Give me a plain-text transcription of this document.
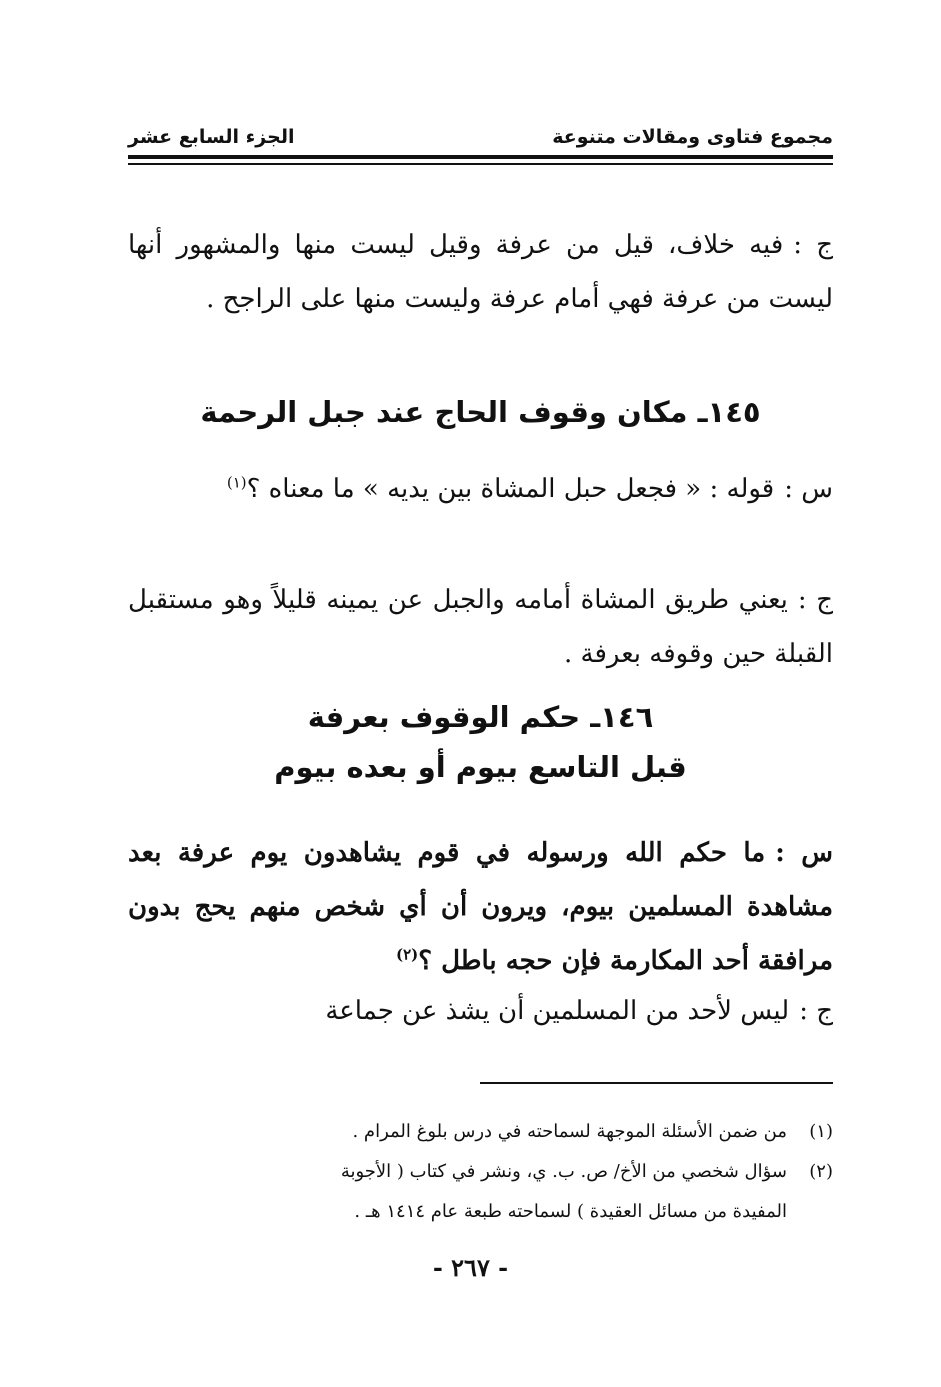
مجموع فتاوى ومقالات متنوعة
الجزء السابع عشر

ج :فيه خلاف، قيل من عرفة وقيل ليست منها والمشهور أنها ليست من عرفة فهي أمام عرفة وليست منها على الراجح .

١٤٥ـ مكان وقوف الحاج عند جبل الرحمة

س :قوله : « فجعل حبل المشاة بين يديه » ما معناه ؟$^{(١)}$

ج :يعني طريق المشاة أمامه والجبل عن يمينه قليلاً وهو مستقبل القبلة حين وقوفه بعرفة .

١٤٦ـ حكم الوقوف بعرفة
قبل التاسع بيوم أو بعده بيوم

س :ما حكم الله ورسوله في قوم يشاهدون يوم عرفة بعد مشاهدة المسلمين بيوم، ويرون أن أي شخص منهم يحج بدون مرافقة أحد المكارمة فإن حجه باطل ؟$^{(٢)}$

ج :ليس لأحد من المسلمين أن يشذ عن جماعة

(١)من ضمن الأسئلة الموجهة لسماحته في درس بلوغ المرام .
(٢)سؤال شخصي من الأخ/ ص. ب. ي، ونشر في كتاب ( الأجوبة
المفيدة من مسائل العقيدة ) لسماحته طبعة عام ١٤١٤ هـ .
- ٢٦٧ -
